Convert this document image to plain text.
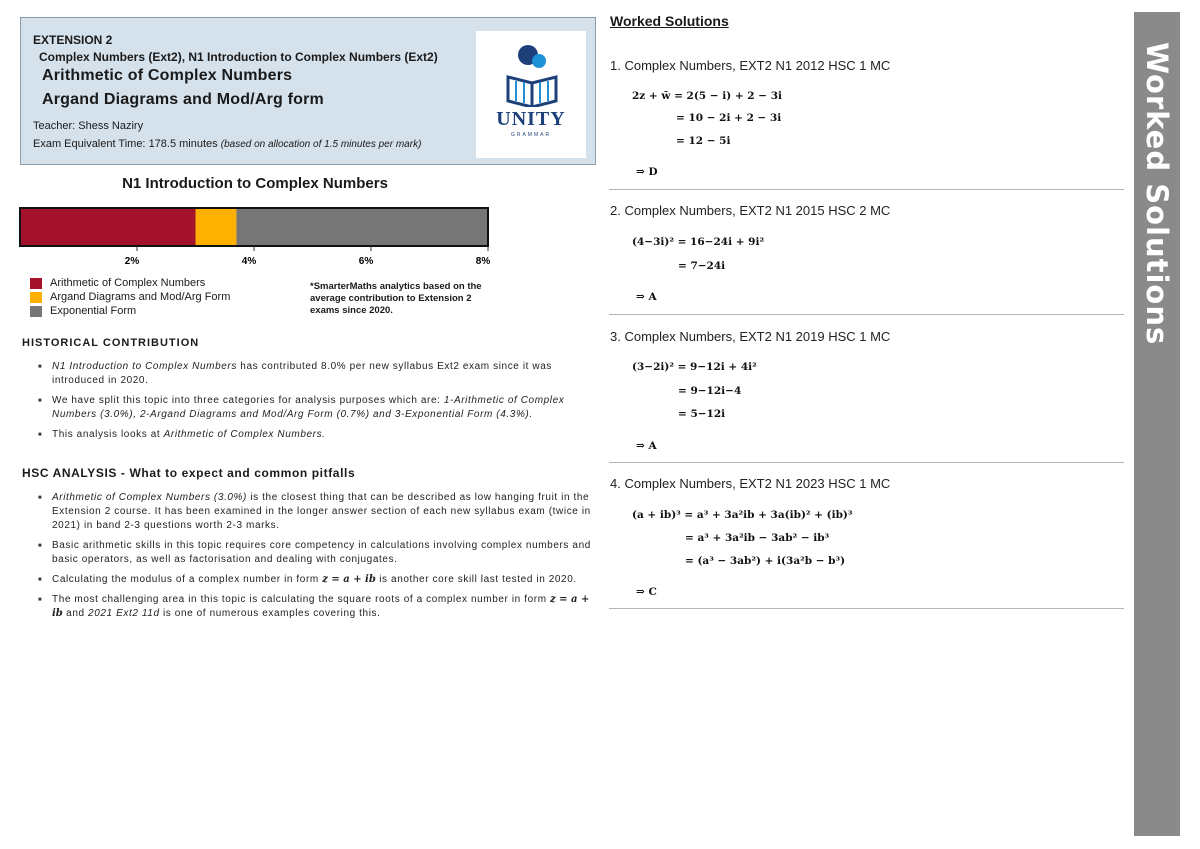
EXTENSION 2
Complex Numbers (Ext2), N1 Introduction to Complex Numbers (Ext2)
Arithmetic of Complex Numbers
Argand Diagrams and Mod/Arg form
Teacher: Shess Naziry
Exam Equivalent Time: 178.5 minutes (based on allocation of 1.5 minutes per mark)
UNITY
GRAMMAR
N1 Introduction to Complex Numbers
2%	4%	6%	8%
Arithmetic of Complex Numbers
Argand Diagrams and Mod/Arg Form
Exponential Form
*SmarterMaths analytics based on the average contribution to Extension 2 exams since 2020.
HISTORICAL CONTRIBUTION
■ N1 Introduction to Complex Numbers has contributed 8.0% per new syllabus Ext2 exam since it was introduced in 2020.
■ We have split this topic into three categories for analysis purposes which are: 1-Arithmetic of Complex Numbers (3.0%), 2-Argand Diagrams and Mod/Arg Form (0.7%) and 3-Exponential Form (4.3%).
■ This analysis looks at Arithmetic of Complex Numbers.
HSC ANALYSIS - What to expect and common pitfalls
■ Arithmetic of Complex Numbers (3.0%) is the closest thing that can be described as low hanging fruit in the Extension 2 course. It has been examined in the longer answer section of each new syllabus exam (twice in 2021) in band 2-3 questions worth 2-3 marks.
■ Basic arithmetic skills in this topic requires core competency in calculations involving complex numbers and basic operators, as well as factorisation and dealing with conjugates.
■ Calculating the modulus of a complex number in form z = a + ib is another core skill last tested in 2020.
■ The most challenging area in this topic is calculating the square roots of a complex number in form z = a + ib and 2021 Ext2 11d is one of numerous examples covering this.
Worked Solutions
1. Complex Numbers, EXT2 N1 2012 HSC 1 MC
2z + w̄ = 2(5 − i) + 2 − 3i
= 10 − 2i + 2 − 3i
= 12 − 5i
⇒ D
2. Complex Numbers, EXT2 N1 2015 HSC 2 MC
(4−3i)² = 16−24i + 9i²
= 7−24i
⇒ A
3. Complex Numbers, EXT2 N1 2019 HSC 1 MC
(3−2i)² = 9−12i + 4i²
= 9−12i−4
= 5−12i
⇒ A
4. Complex Numbers, EXT2 N1 2023 HSC 1 MC
(a + ib)³ = a³ + 3a²ib + 3a(ib)² + (ib)³
= a³ + 3a²ib − 3ab² − ib³
= (a³ − 3ab²) + i(3a²b − b³)
⇒ C
Worked Solutions
